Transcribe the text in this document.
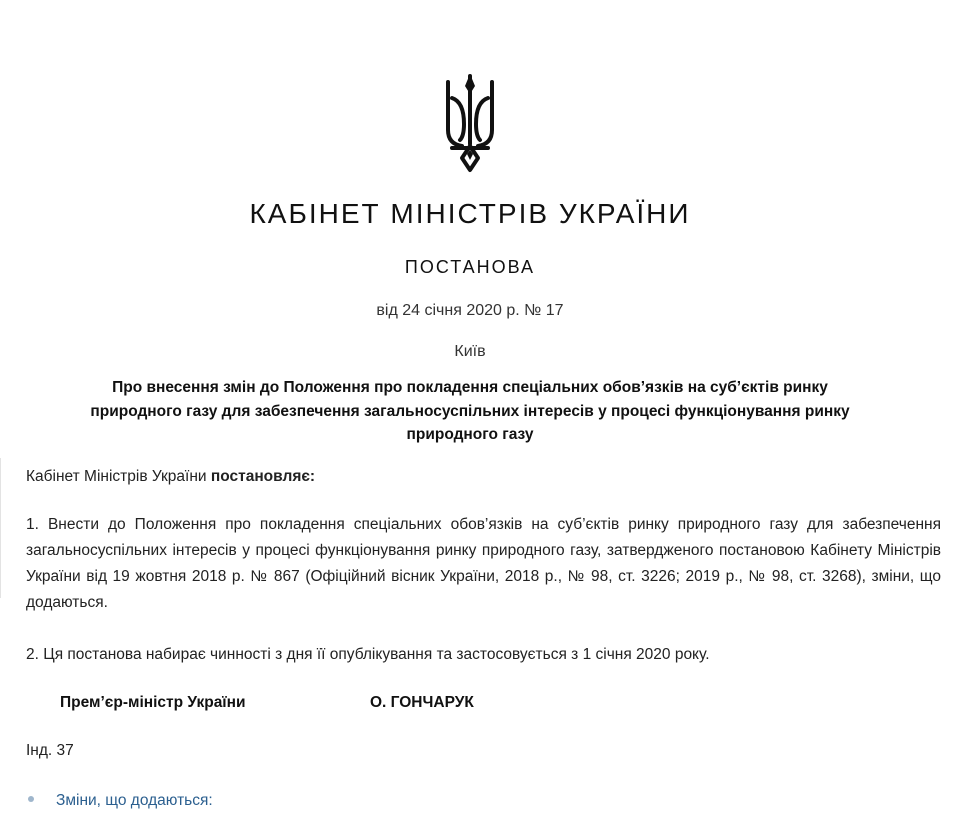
КАБІНЕТ МІНІСТРІВ УКРАЇНИ
ПОСТАНОВА
від 24 січня 2020 р. № 17
Київ
Про внесення змін до Положення про покладення спеціальних обов’язків на суб’єктів ринку природного газу для забезпечення загальносуспільних інтересів у процесі функціонування ринку природного газу
Кабінет Міністрів України постановляє:
1. Внести до Положення про покладення спеціальних обов’язків на суб’єктів ринку природного газу для забезпечення загальносуспільних інтересів у процесі функціонування ринку природного газу, затвердженого постановою Кабінету Міністрів України від 19 жовтня 2018 р. № 867 (Офіційний вісник України, 2018 р., № 98, ст. 3226; 2019 р., № 98, ст. 3268), зміни, що додаються.
2. Ця постанова набирає чинності з дня її опублікування та застосовується з 1 січня 2020 року.
Прем’єр-міністр України	О. ГОНЧАРУК
Інд. 37
Зміни, що додаються:
